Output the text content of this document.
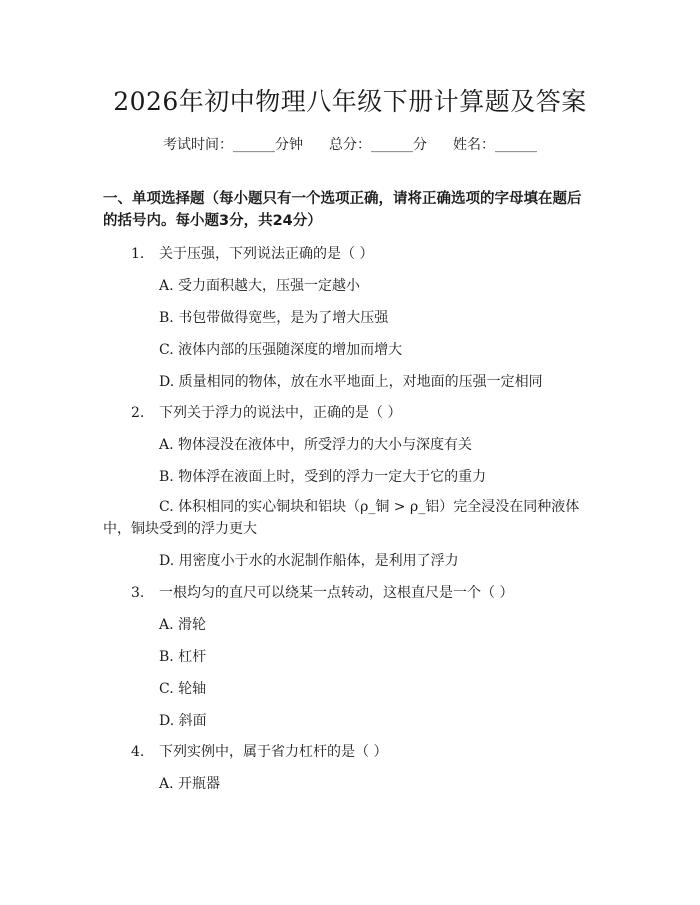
2026年初中物理八年级下册计算题及答案
考试时间：______分钟 总分：______分 姓名：______
一、单项选择题（每小题只有一个选项正确，请将正确选项的字母填在题后的括号内。每小题3分，共24分）
1. 关于压强，下列说法正确的是（ ）
A. 受力面积越大，压强一定越小
B. 书包带做得宽些，是为了增大压强
C. 液体内部的压强随深度的增加而增大
D. 质量相同的物体，放在水平地面上，对地面的压强一定相同
2. 下列关于浮力的说法中，正确的是（ ）
A. 物体浸没在液体中，所受浮力的大小与深度有关
B. 物体浮在液面上时，受到的浮力一定大于它的重力
C. 体积相同的实心铜块和铝块（ρ_铜 > ρ_铝）完全浸没在同种液体中，铜块受到的浮力更大
D. 用密度小于水的水泥制作船体，是利用了浮力
3. 一根均匀的直尺可以绕某一点转动，这根直尺是一个（ ）
A. 滑轮
B. 杠杆
C. 轮轴
D. 斜面
4. 下列实例中，属于省力杠杆的是（ ）
A. 开瓶器
